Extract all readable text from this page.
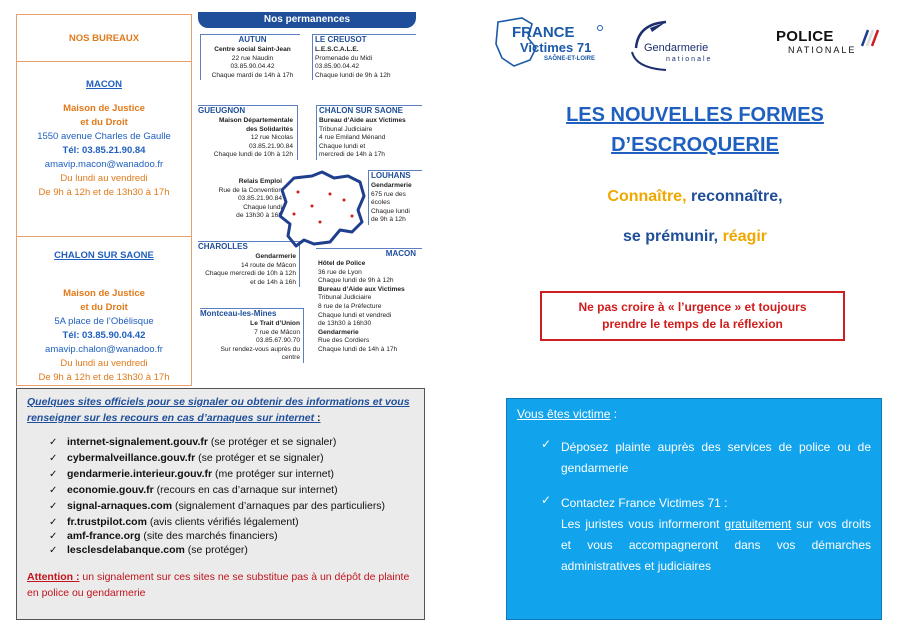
NOS BUREAUX
MACON
Maison de Justice
et du Droit
1550 avenue Charles de Gaulle
Tél: 03.85.21.90.84
amavip.macon@wanadoo.fr
Du lundi au vendredi
De 9h à 12h et de 13h30 à 17h
CHALON SUR SAONE
Maison de Justice
et du Droit
5A place de l’Obélisque
Tél: 03.85.90.04.42
amavip.chalon@wanadoo.fr
Du lundi au vendredi
De 9h à 12h et de 13h30 à 17h
Nos permanences
AUTUN
Centre social Saint-Jean
22 rue Naudin
03.85.90.04.42
Chaque mardi de 14h à 17h
LE CREUSOT
L.E.S.C.A.L.E.
Promenade du Midi
03.85.90.04.42
Chaque lundi de 9h à 12h
GUEUGNON
Maison Départementale
des Solidarités
12 rue Nicolas
03.85.21.90.84
Chaque lundi de 10h à 12h
CHALON SUR SAONE
Bureau d’Aide aux Victimes
Tribunal Judiciaire
4 rue Emiland Ménand
Chaque lundi et
mercredi de 14h à 17h
Relais Emploi
Rue de la Convention
03.85.21.90.84
Chaque lundi
de 13h30 à 16h
LOUHANS
Gendarmerie
675 rue des
écoles
Chaque lundi
de 9h à 12h
CHAROLLES
Gendarmerie
14 route de Mâcon
Chaque mercredi de 10h à 12h
et de 14h à 16h
MACON
Hôtel de Police
36 rue de Lyon
Chaque lundi de 9h à 12h
Bureau d’Aide aux Victimes
Tribunal Judiciaire
8 rue de la Préfecture
Chaque lundi et vendredi
de 13h30 à 16h30
Gendarmerie
Rue des Cordiers
Chaque lundi de 14h à 17h
Montceau-les-Mines
Le Trait d’Union
7 rue de Mâcon
03.85.67.90.70
Sur rendez-vous auprès du
centre
FRANCE
Victimes 71
SAÔNE-ET-LOIRE
Gendarmerie
nationale
POLICE
NATIONALE
LES NOUVELLES FORMES
D’ESCROQUERIE
Connaître, reconnaître,
se prémunir, réagir
Ne pas croire à « l’urgence » et toujours
prendre le temps de la réflexion
Quelques sites officiels pour se signaler ou obtenir des informations et vous renseigner sur les recours en cas d’arnaques sur internet :
✓ internet-signalement.gouv.fr (se protéger et se signaler)
✓ cybermalveillance.gouv.fr (se protéger et se signaler)
✓ gendarmerie.interieur.gouv.fr (me protéger sur internet)
✓ economie.gouv.fr (recours en cas d’arnaque sur internet)
✓ signal-arnaques.com (signalement d’arnaques par des particuliers)
✓ fr.trustpilot.com (avis clients vérifiés légalement)
✓ amf-france.org (site des marchés financiers)
✓ lesclesdelabanque.com (se protéger)
Attention : un signalement sur ces sites ne se substitue pas à un dépôt de plainte en police ou gendarmerie
Vous êtes victime :
✓ Déposez plainte auprès des services de police ou de gendarmerie
✓ Contactez France Victimes 71 :
Les juristes vous informeront gratuitement sur vos droits et vous accompagneront dans vos démarches administratives et judiciaires
